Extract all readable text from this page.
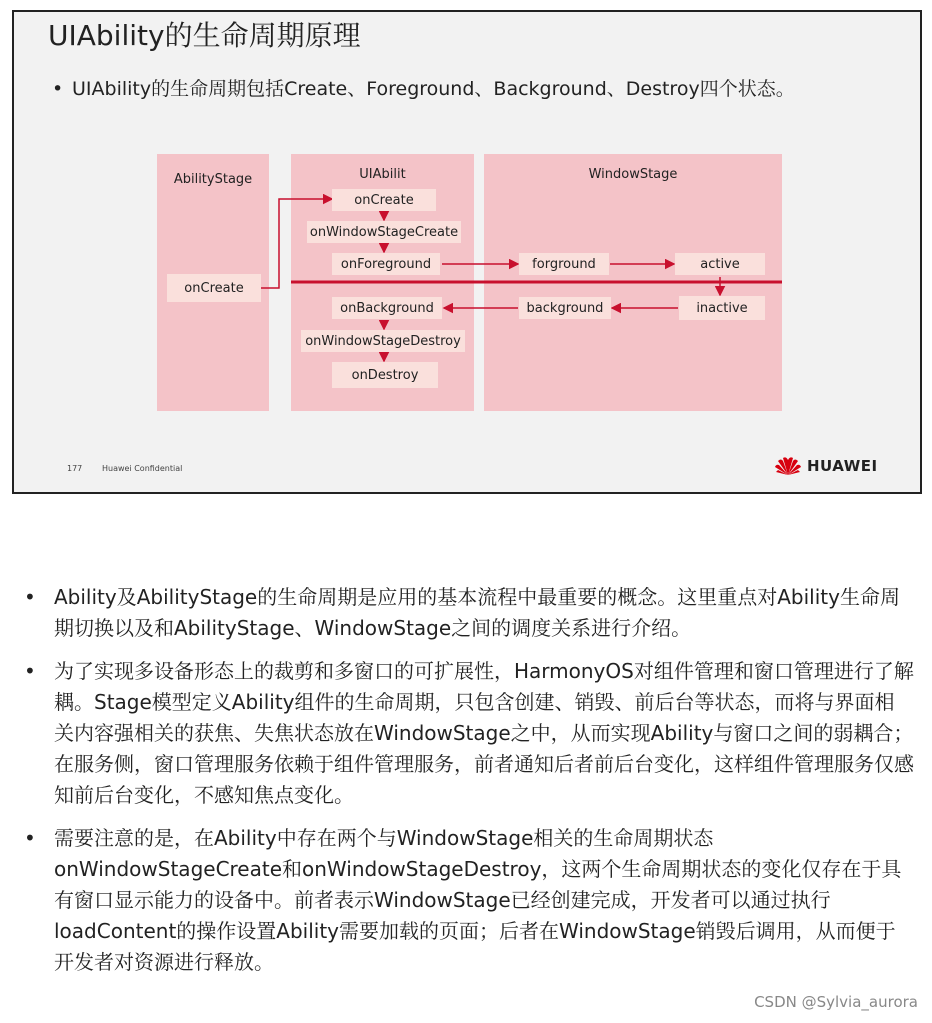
UIAbility的生命周期原理
• UIAbility的生命周期包括Create、Foreground、Background、Destroy四个状态。
AbilityStage	UIAbilit	WindowStage
onCreate
onCreate
onWindowStageCreate
onForeground
onBackground
onWindowStageDestroy
onDestroy
forground
background
active
inactive
177 Huawei Confidential	HUAWEI
• Ability及AbilityStage的生命周期是应用的基本流程中最重要的概念。这里重点对Ability生命周期切换以及和AbilityStage、WindowStage之间的调度关系进行介绍。
• 为了实现多设备形态上的裁剪和多窗口的可扩展性，HarmonyOS对组件管理和窗口管理进行了解耦。Stage模型定义Ability组件的生命周期，只包含创建、销毁、前后台等状态，而将与界面相关内容强相关的获焦、失焦状态放在WindowStage之中，从而实现Ability与窗口之间的弱耦合；在服务侧，窗口管理服务依赖于组件管理服务，前者通知后者前后台变化，这样组件管理服务仅感知前后台变化，不感知焦点变化。
• 需要注意的是，在Ability中存在两个与WindowStage相关的生命周期状态onWindowStageCreate和onWindowStageDestroy，这两个生命周期状态的变化仅存在于具有窗口显示能力的设备中。前者表示WindowStage已经创建完成，开发者可以通过执行loadContent的操作设置Ability需要加载的页面；后者在WindowStage销毁后调用，从而便于开发者对资源进行释放。
CSDN @Sylvia_aurora
